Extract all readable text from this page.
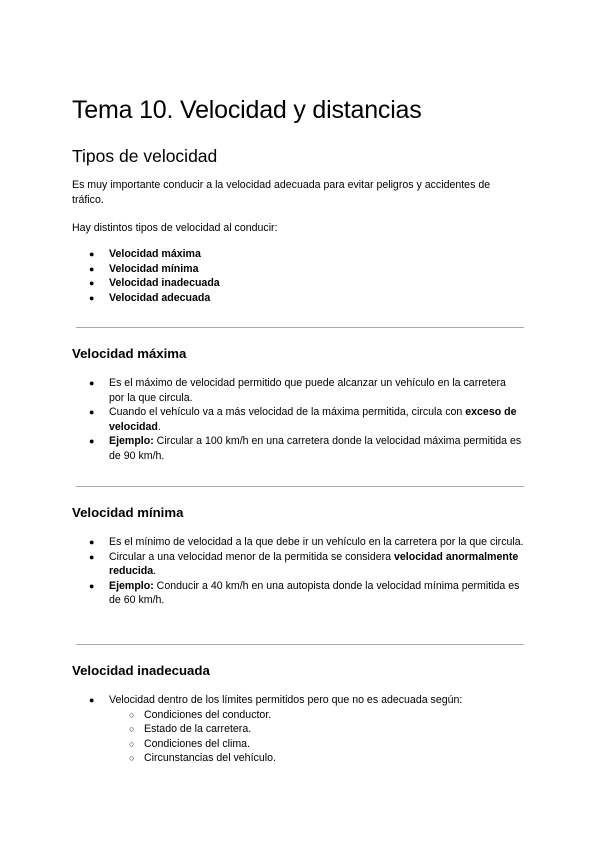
Tema 10. Velocidad y distancias
Tipos de velocidad

Es muy importante conducir a la velocidad adecuada para evitar peligros y accidentes de tráfico.

Hay distintos tipos de velocidad al conducir:

● Velocidad máxima
● Velocidad mínima
● Velocidad inadecuada
● Velocidad adecuada
Velocidad máxima
● Es el máximo de velocidad permitido que puede alcanzar un vehículo en la carretera por la que circula.
● Cuando el vehículo va a más velocidad de la máxima permitida, circula con exceso de velocidad.
● Ejemplo: Circular a 100 km/h en una carretera donde la velocidad máxima permitida es de 90 km/h.
Velocidad mínima
● Es el mínimo de velocidad a la que debe ir un vehículo en la carretera por la que circula.
● Circular a una velocidad menor de la permitida se considera velocidad anormalmente reducida.
● Ejemplo: Conducir a 40 km/h en una autopista donde la velocidad mínima permitida es de 60 km/h.
Velocidad inadecuada
● Velocidad dentro de los límites permitidos pero que no es adecuada según:
○ Condiciones del conductor.
○ Estado de la carretera.
○ Condiciones del clima.
○ Circunstancias del vehículo.
